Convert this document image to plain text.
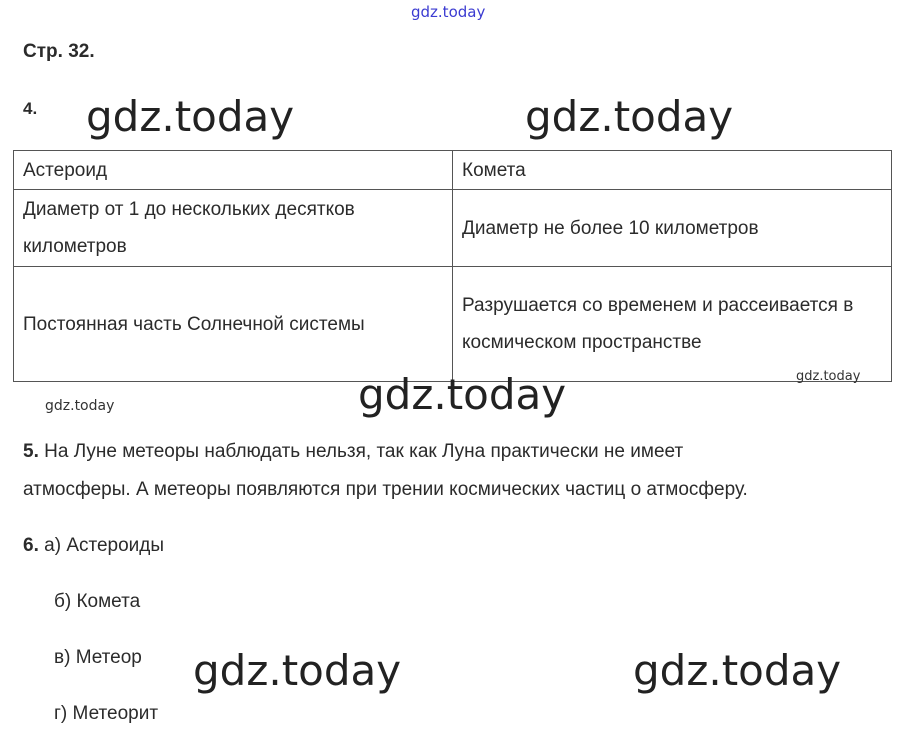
gdz.today
Стр. 32.
4. gdz.today	gdz.today
Астероид	Комета
Диаметр от 1 до нескольких десятков километров	Диаметр не более 10 километров
Постоянная часть Солнечной системы	Разрушается со временем и рассеивается в космическом пространстве
gdz.today
gdz.today
gdz.today
5. На Луне метеоры наблюдать нельзя, так как Луна практически не имеет
атмосферы. А метеоры появляются при трении космических частиц о атмосферу.
6. а) Астероиды
б) Комета
в) Метеор
г) Метеорит
gdz.today	gdz.today
